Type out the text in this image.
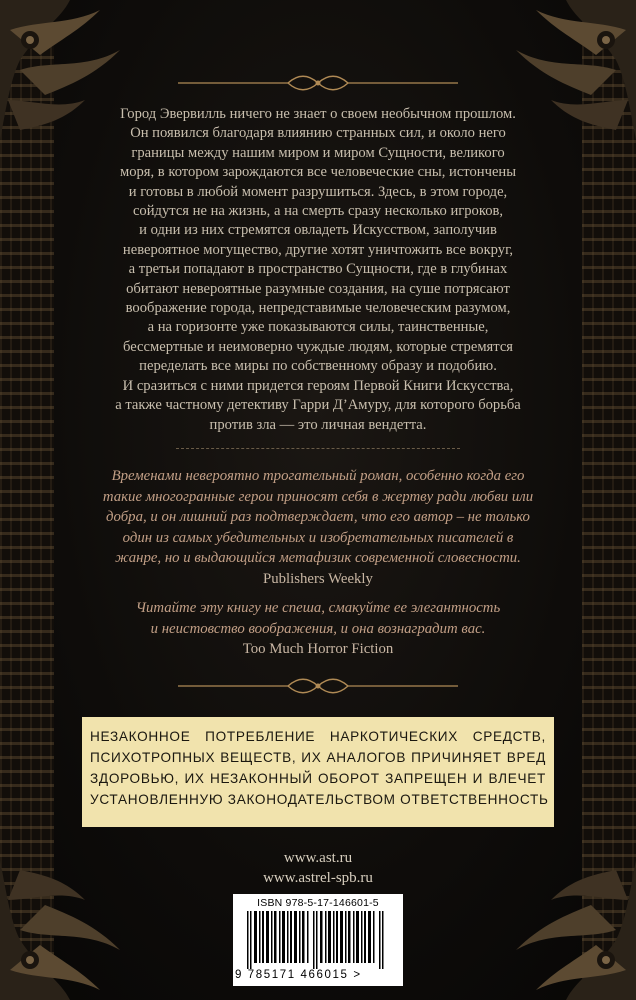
Город Эвервилль ничего не знает о своем необычном прошлом.
Он появился благодаря влиянию странных сил, и около него
границы между нашим миром и миром Сущности, великого
моря, в котором зарождаются все человеческие сны, истончены
и готовы в любой момент разрушиться. Здесь, в этом городе,
сойдутся не на жизнь, а на смерть сразу несколько игроков,
и одни из них стремятся овладеть Искусством, заполучив
невероятное могущество, другие хотят уничтожить все вокруг,
а третьи попадают в пространство Сущности, где в глубинах
обитают невероятные разумные создания, на суше потрясают
воображение города, непредставимые человеческим разумом,
а на горизонте уже показываются силы, таинственные,
бессмертные и неимоверно чуждые людям, которые стремятся
переделать все миры по собственному образу и подобию.
И сразиться с ними придется героям Первой Книги Искусства,
а также частному детективу Гарри Д’Амуру, для которого борьба
против зла — это личная вендетта.

Временами невероятно трогательный роман, особенно когда его
такие многогранные герои приносят себя в жертву ради любви или
добра, и он лишний раз подтверждает, что его автор – не только
один из самых убедительных и изобретательных писателей в
жанре, но и выдающийся метафизик современной словесности.
Publishers Weekly

Читайте эту книгу не спеша, смакуйте ее элегантность
и неистовство воображения, и она вознаградит вас.
Too Much Horror Fiction

НЕЗАКОННОЕ ПОТРЕБЛЕНИЕ НАРКОТИЧЕСКИХ СРЕДСТВ,
ПСИХОТРОПНЫХ ВЕЩЕСТВ, ИХ АНАЛОГОВ ПРИЧИНЯЕТ ВРЕД
ЗДОРОВЬЮ, ИХ НЕЗАКОННЫЙ ОБОРОТ ЗАПРЕЩЕН И ВЛЕЧЕТ
УСТАНОВЛЕННУЮ ЗАКОНОДАТЕЛЬСТВОМ ОТВЕТСТВЕННОСТЬ
www.ast.ru
www.astrel-spb.ru
ISBN 978-5-17-146601-5
9 785171 466015 >
